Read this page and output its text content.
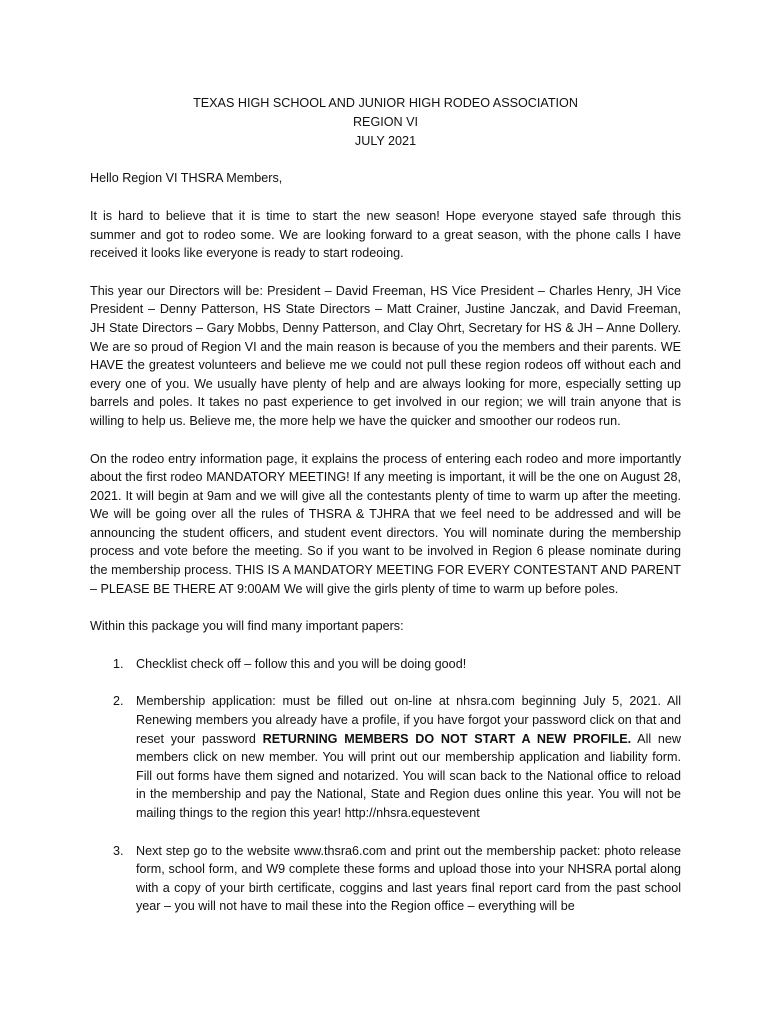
TEXAS HIGH SCHOOL AND JUNIOR HIGH RODEO ASSOCIATION
REGION VI
JULY 2021

Hello Region VI THSRA Members,

It is hard to believe that it is time to start the new season! Hope everyone stayed safe through this summer and got to rodeo some. We are looking forward to a great season, with the phone calls I have received it looks like everyone is ready to start rodeoing.

This year our Directors will be: President – David Freeman, HS Vice President – Charles Henry, JH Vice President – Denny Patterson, HS State Directors – Matt Crainer, Justine Janczak, and David Freeman, JH State Directors – Gary Mobbs, Denny Patterson, and Clay Ohrt, Secretary for HS & JH – Anne Dollery. We are so proud of Region VI and the main reason is because of you the members and their parents. WE HAVE the greatest volunteers and believe me we could not pull these region rodeos off without each and every one of you. We usually have plenty of help and are always looking for more, especially setting up barrels and poles. It takes no past experience to get involved in our region; we will train anyone that is willing to help us. Believe me, the more help we have the quicker and smoother our rodeos run.

On the rodeo entry information page, it explains the process of entering each rodeo and more importantly about the first rodeo MANDATORY MEETING! If any meeting is important, it will be the one on August 28, 2021. It will begin at 9am and we will give all the contestants plenty of time to warm up after the meeting. We will be going over all the rules of THSRA & TJHRA that we feel need to be addressed and will be announcing the student officers, and student event directors. You will nominate during the membership process and vote before the meeting. So if you want to be involved in Region 6 please nominate during the membership process. THIS IS A MANDATORY MEETING FOR EVERY CONTESTANT AND PARENT – PLEASE BE THERE AT 9:00AM We will give the girls plenty of time to warm up before poles.

Within this package you will find many important papers:

1. Checklist check off – follow this and you will be doing good!
2. Membership application: must be filled out on-line at nhsra.com beginning July 5, 2021. All Renewing members you already have a profile, if you have forgot your password click on that and reset your password RETURNING MEMBERS DO NOT START A NEW PROFILE. All new members click on new member. You will print out our membership application and liability form. Fill out forms have them signed and notarized. You will scan back to the National office to reload in the membership and pay the National, State and Region dues online this year. You will not be mailing things to the region this year! http://nhsra.equestevent
3. Next step go to the website www.thsra6.com and print out the membership packet: photo release form, school form, and W9 complete these forms and upload those into your NHSRA portal along with a copy of your birth certificate, coggins and last years final report card from the past school year – you will not have to mail these into the Region office – everything will be
